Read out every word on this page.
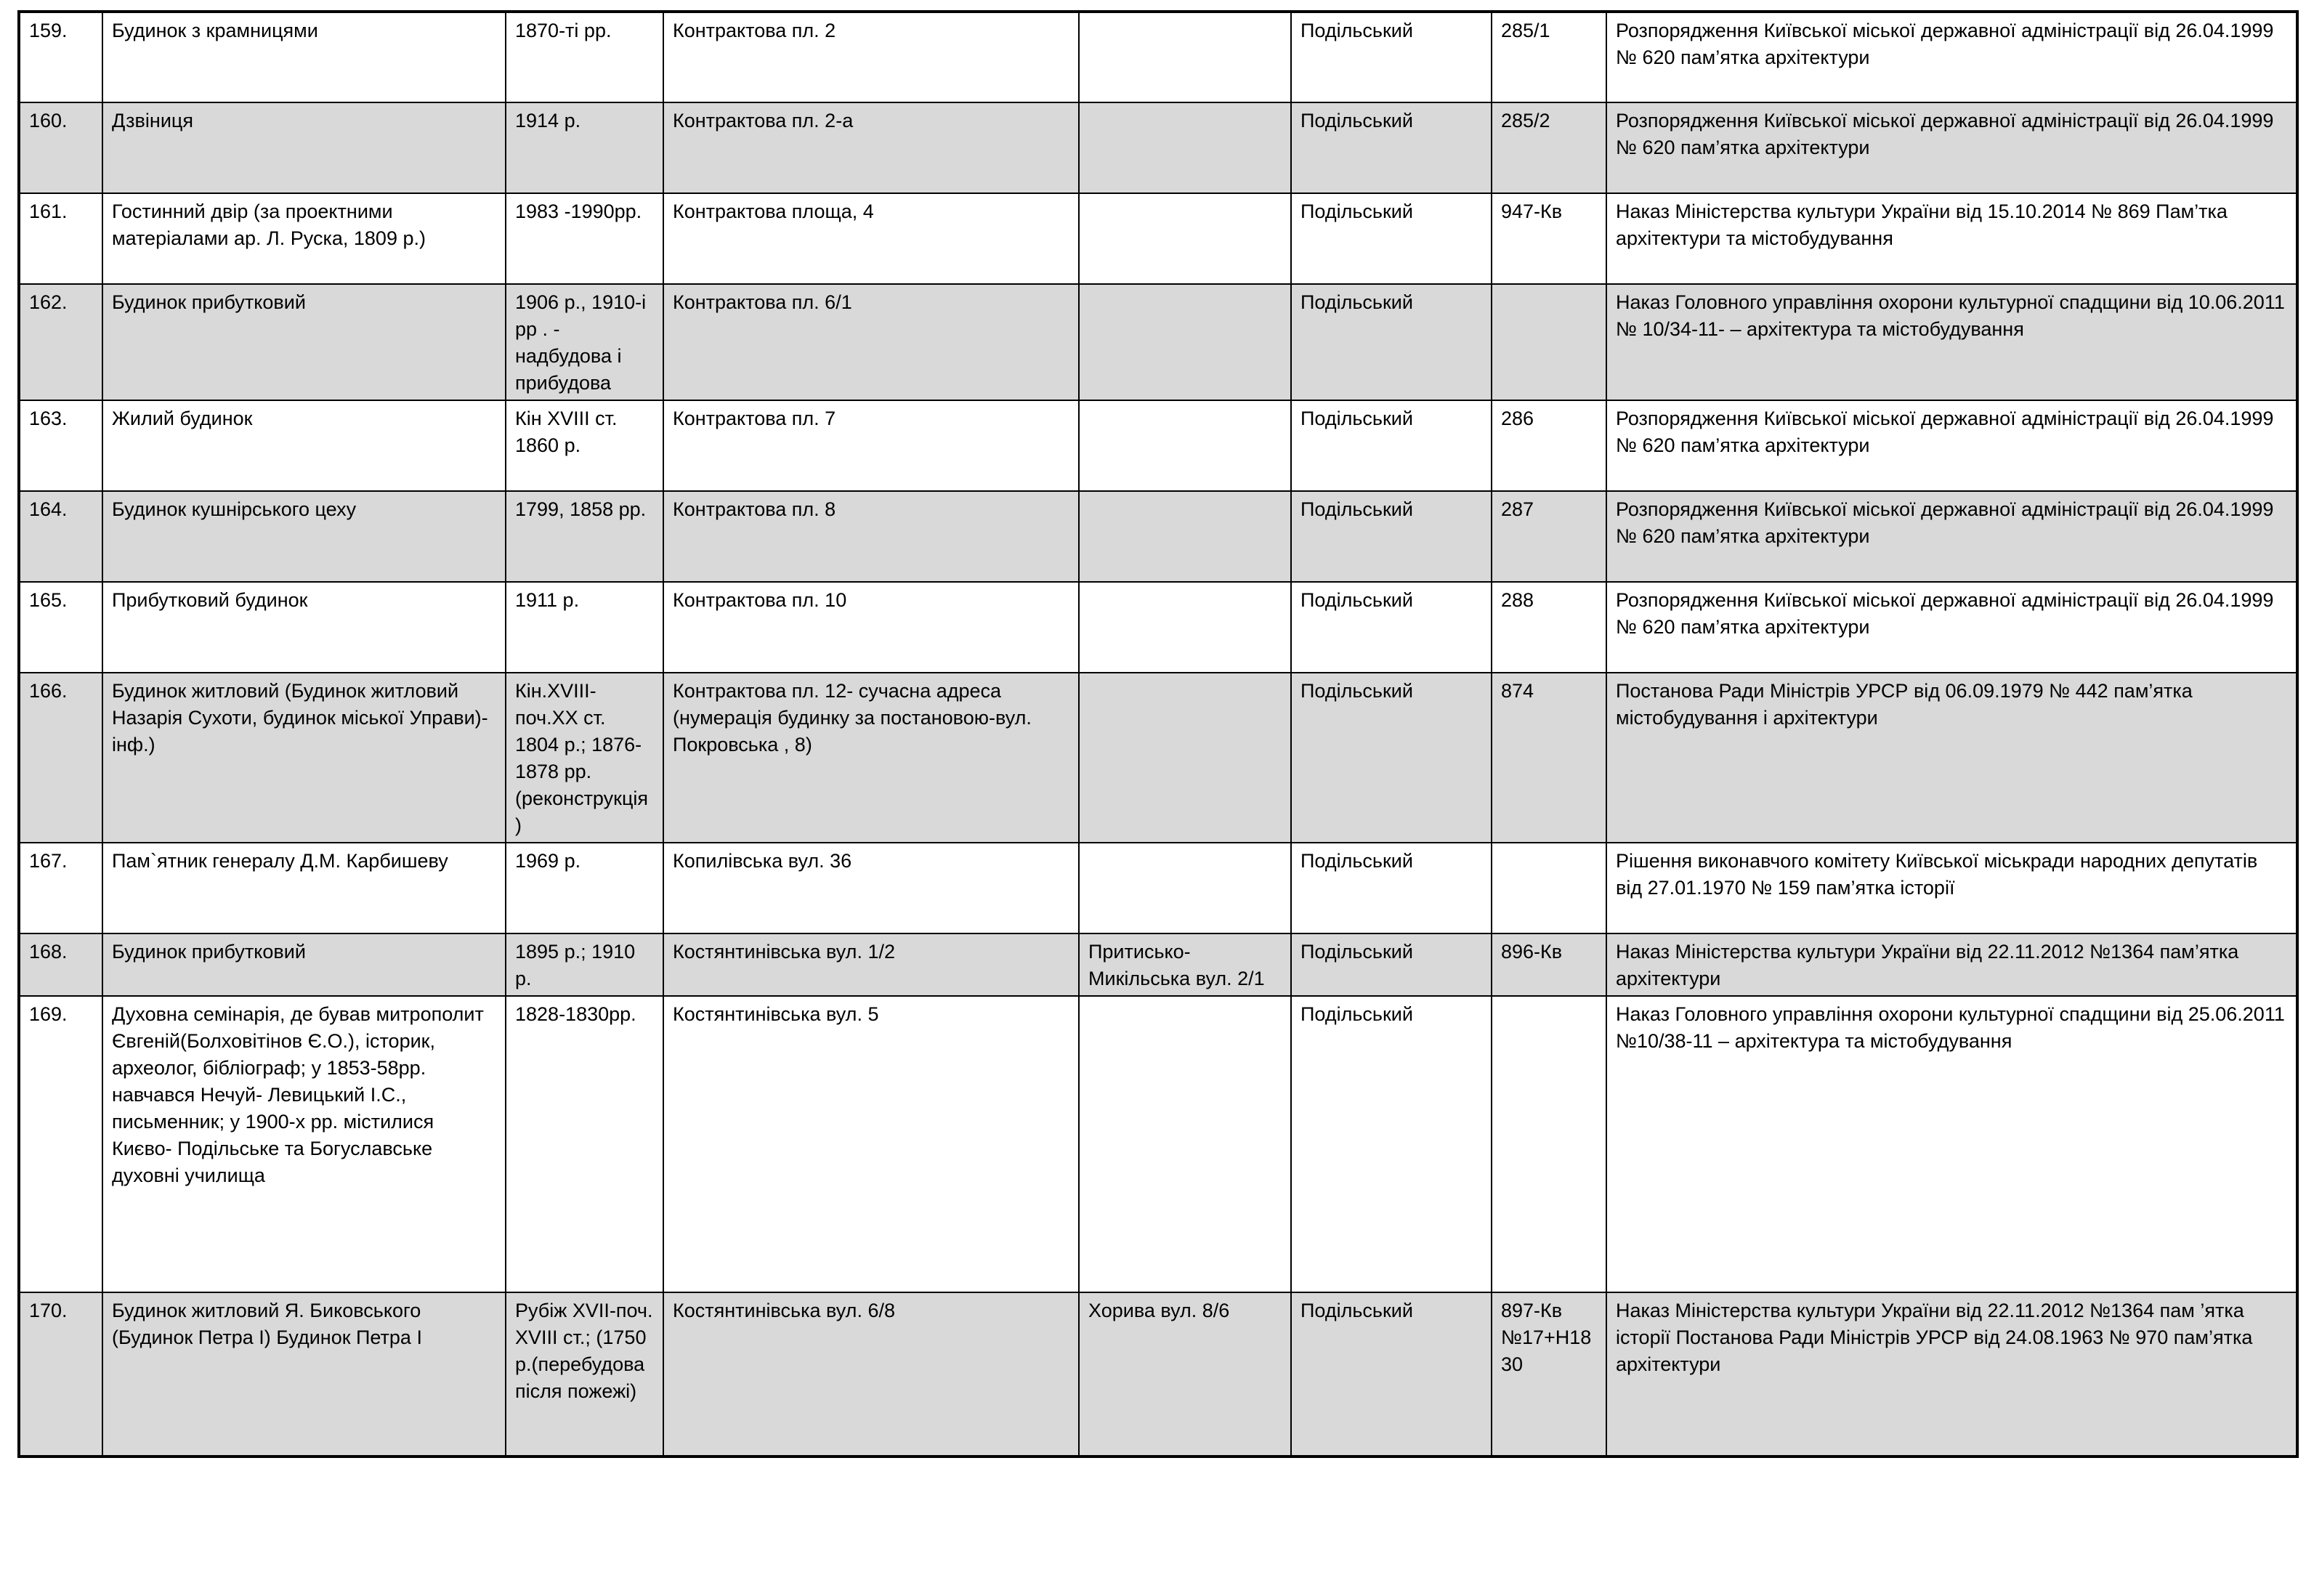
159.	Будинок з крамницями	1870-ті рр.	Контрактова пл. 2		Подільський	285/1	Розпорядження Київської міської державної адміністрації від 26.04.1999 № 620 пам’ятка архітектури
160.	Дзвіниця	1914 р.	Контрактова пл. 2-а		Подільський	285/2	Розпорядження Київської міської державної адміністрації від 26.04.1999 № 620 пам’ятка архітектури
161.	Гостинний двір (за проектними матеріалами ар. Л. Руска, 1809 р.)	1983 -1990рр.	Контрактова площа, 4		Подільський	947-Кв	Наказ Міністерства культури України від 15.10.2014 № 869 Пам’тка архітектури та містобудування
162.	Будинок прибутковий	1906 р., 1910-і рр . - надбудова і прибудова	Контрактова пл. 6/1		Подільський		Наказ Головного управління охорони культурної спадщини від 10.06.2011 № 10/34-11- – архітектура та містобудування
163.	Жилий будинок	Кін XVIII ст. 1860 р.	Контрактова пл. 7		Подільський	286	Розпорядження Київської міської державної адміністрації від 26.04.1999 № 620 пам’ятка архітектури
164.	Будинок кушнірського цеху	1799, 1858 рр.	Контрактова пл. 8		Подільський	287	Розпорядження Київської міської державної адміністрації від 26.04.1999 № 620 пам’ятка архітектури
165.	Прибутковий будинок	1911 р.	Контрактова пл. 10		Подільський	288	Розпорядження Київської міської державної адміністрації від 26.04.1999 № 620 пам’ятка архітектури
166.	Будинок житловий (Будинок житловий Назарія Сухоти, будинок міської Управи)- інф.)	Кін.XVIII-поч.XX ст. 1804 р.; 1876-1878 рр. (реконструкція)	Контрактова пл. 12- сучасна адреса (нумерація будинку за постановою-вул. Покровська , 8)		Подільський	874	Постанова Ради Міністрів УРСР від 06.09.1979 № 442 пам’ятка містобудування і архітектури
167.	Пам`ятник генералу Д.М. Карбишеву	1969 р.	Копилівська вул. 36		Подільський		Рішення виконавчого комітету Київської міськради народних депутатів від 27.01.1970 № 159 пам’ятка історії
168.	Будинок прибутковий	1895 р.; 1910 р.	Костянтинівська вул. 1/2	Притисько-Микільська вул. 2/1	Подільський	896-Кв	Наказ Міністерства культури України від 22.11.2012 №1364 пам’ятка архітектури
169.	Духовна семінарія, де бував митрополит Євгеній(Болховітінов Є.О.), історик, археолог, бібліограф; у 1853-58рр. навчався Нечуй- Левицький І.С., письменник; у 1900-х рр. містилися Києво- Подільське та Богуславське духовні училища	1828-1830рр.	Костянтинівська вул. 5		Подільський		Наказ Головного управління охорони культурної спадщини від 25.06.2011 №10/38-11 – архітектура та містобудування
170.	Будинок житловий Я. Биковського (Будинок Петра I) Будинок Петра I	Рубіж XVII-поч. XVIII ст.; (1750 р.(перебудова після пожежі)	Костянтинівська вул. 6/8	Хорива вул. 8/6	Подільський	897-Кв №17+Н1830	Наказ Міністерства культури України від 22.11.2012 №1364 пам ’ятка історії Постанова Ради Міністрів УРСР від 24.08.1963 № 970 пам’ятка архітектури
